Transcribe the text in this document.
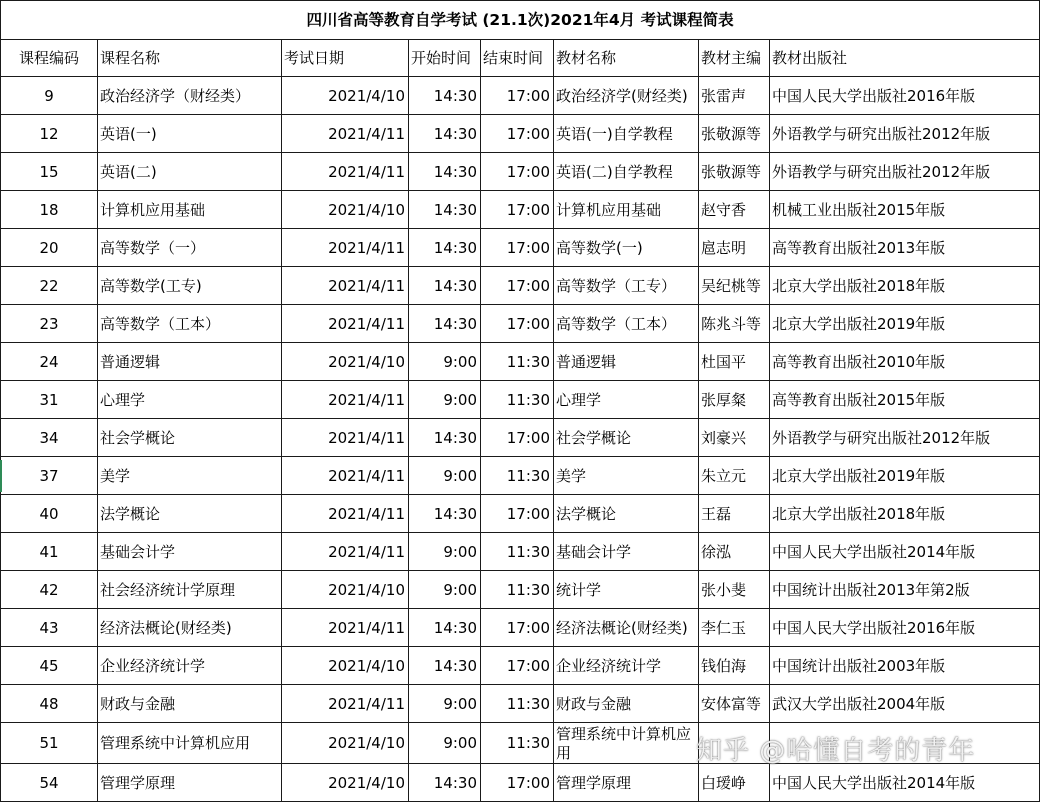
四川省高等教育自学考试 (21.1次)2021年4月 考试课程简表							
课程编码	课程名称	考试日期	开始时间	结束时间	教材名称	教材主编	教材出版社
9	政治经济学（财经类）	2021/4/10	14:30	17:00	政治经济学(财经类)	张雷声	中国人民大学出版社2016年版
12	英语(一)	2021/4/11	14:30	17:00	英语(一)自学教程	张敬源等	外语教学与研究出版社2012年版
15	英语(二)	2021/4/11	14:30	17:00	英语(二)自学教程	张敬源等	外语教学与研究出版社2012年版
18	计算机应用基础	2021/4/10	14:30	17:00	计算机应用基础	赵守香	机械工业出版社2015年版
20	高等数学（一）	2021/4/11	14:30	17:00	高等数学(一)	扈志明	高等教育出版社2013年版
22	高等数学(工专)	2021/4/11	14:30	17:00	高等数学（工专）	吴纪桃等	北京大学出版社2018年版
23	高等数学（工本）	2021/4/11	14:30	17:00	高等数学（工本）	陈兆斗等	北京大学出版社2019年版
24	普通逻辑	2021/4/10	9:00	11:30	普通逻辑	杜国平	高等教育出版社2010年版
31	心理学	2021/4/11	9:00	11:30	心理学	张厚粲	高等教育出版社2015年版
34	社会学概论	2021/4/11	14:30	17:00	社会学概论	刘豪兴	外语教学与研究出版社2012年版
37	美学	2021/4/11	9:00	11:30	美学	朱立元	北京大学出版社2019年版
40	法学概论	2021/4/11	14:30	17:00	法学概论	王磊	北京大学出版社2018年版
41	基础会计学	2021/4/11	9:00	11:30	基础会计学	徐泓	中国人民大学出版社2014年版
42	社会经济统计学原理	2021/4/10	9:00	11:30	统计学	张小斐	中国统计出版社2013年第2版
43	经济法概论(财经类)	2021/4/11	14:30	17:00	经济法概论(财经类)	李仁玉	中国人民大学出版社2016年版
45	企业经济统计学	2021/4/10	14:30	17:00	企业经济统计学	钱伯海	中国统计出版社2003年版
48	财政与金融	2021/4/11	9:00	11:30	财政与金融	安体富等	武汉大学出版社2004年版
51	管理系统中计算机应用	2021/4/10	9:00	11:30	管理系统中计算机应用		
54	管理学原理	2021/4/10	14:30	17:00	管理学原理	白瑷峥	中国人民大学出版社2014年版
知乎 @哈懂自考的青年
